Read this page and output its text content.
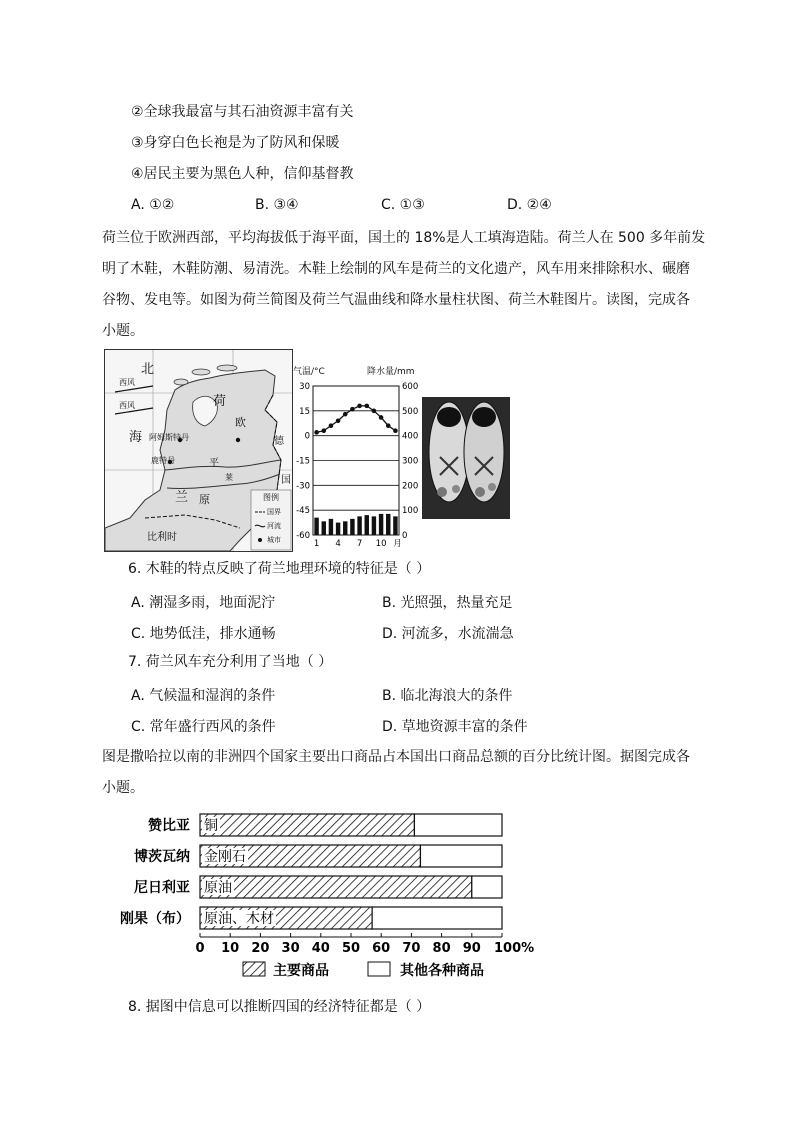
②全球我最富与其石油资源丰富有关
③身穿白色长袍是为了防风和保暖
④居民主要为黑色人种，信仰基督教
A. ①②	B. ③④	C. ①③	D. ②④
荷兰位于欧洲西部，平均海拔低于海平面，国土的 18%是人工填海造陆。荷兰人在 500 多年前发
明了木鞋，木鞋防潮、易清洗。木鞋上绘制的风车是荷兰的文化遗产，风车用来排除积水、碾磨
谷物、发电等。如图为荷兰简图及荷兰气温曲线和降水量柱状图、荷兰木鞋图片。读图，完成各
小题。
北
海
西风
西风	荷
欧
德
阿姆斯特丹
鹿特丹	平
兰 原
国
比利时
图例
国界
河流
城市
莱
15
0
-15
-30
-45
-60
30	600
500
400
300
200
100
0
1 4 7 10 月
气温/°C	降水量/mm
6. 木鞋的特点反映了荷兰地理环境的特征是（ ）
A. 潮湿多雨，地面泥泞	B. 光照强，热量充足
C. 地势低洼，排水通畅	D. 河流多，水流湍急
7. 荷兰风车充分利用了当地（ ）
A. 气候温和湿润的条件	B. 临北海浪大的条件
C. 常年盛行西风的条件	D. 草地资源丰富的条件
图是撒哈拉以南的非洲四个国家主要出口商品占本国出口商品总额的百分比统计图。据图完成各
小题。
赞比亚 铜
博茨瓦纳 金刚石
尼日利亚 原油
刚果（布） 原油、木材
0 10 20 30 40 50 60 70 80 90 100%
主要商品	其他各种商品
8. 据图中信息可以推断四国的经济特征都是（ ）
